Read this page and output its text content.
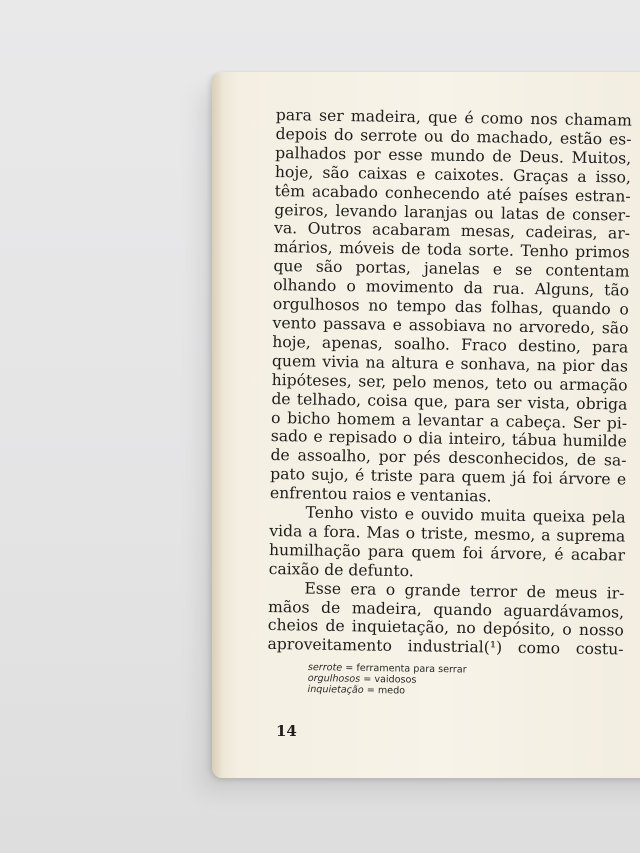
para ser madeira, que é como nos chamam
depois do serrote ou do machado, estão es-
palhados por esse mundo de Deus. Muitos,
hoje, são caixas e caixotes. Graças a isso,
têm acabado conhecendo até países estran-
geiros, levando laranjas ou latas de conser-
va. Outros acabaram mesas, cadeiras, ar-
mários, móveis de toda sorte. Tenho primos
que são portas, janelas e se contentam
olhando o movimento da rua. Alguns, tão
orgulhosos no tempo das folhas, quando o
vento passava e assobiava no arvoredo, são
hoje, apenas, soalho. Fraco destino, para
quem vivia na altura e sonhava, na pior das
hipóteses, ser, pelo menos, teto ou armação
de telhado, coisa que, para ser vista, obriga
o bicho homem a levantar a cabeça. Ser pi-
sado e repisado o dia inteiro, tábua humilde
de assoalho, por pés desconhecidos, de sa-
pato sujo, é triste para quem já foi árvore e
enfrentou raios e ventanias.
Tenho visto e ouvido muita queixa pela
vida a fora. Mas o triste, mesmo, a suprema
humilhação para quem foi árvore, é acabar
caixão de defunto.
Esse era o grande terror de meus ir-
mãos de madeira, quando aguardávamos,
cheios de inquietação, no depósito, o nosso
aproveitamento industrial(¹) como costu-
serrote = ferramenta para serrar
orgulhosos = vaidosos
inquietação = medo
14
